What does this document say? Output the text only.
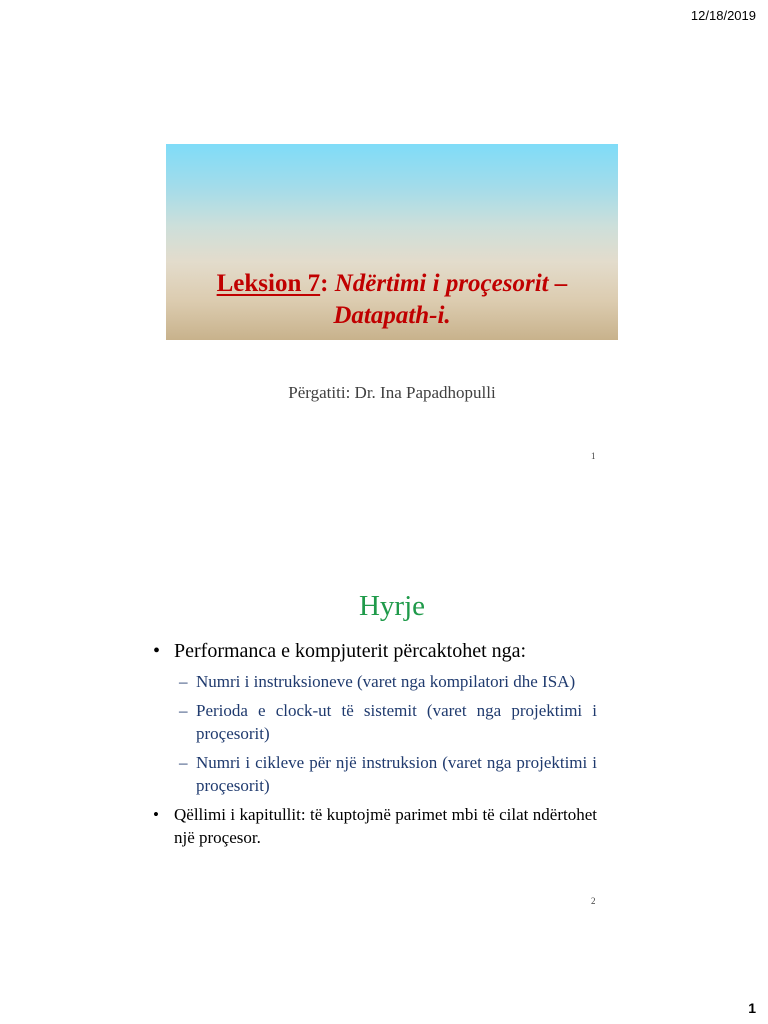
12/18/2019
Leksion 7: Ndërtimi i proçesorit –
Datapath-i.
Përgatiti: Dr. Ina Papadhopulli
1
Hyrje
• Performanca e kompjuterit përcaktohet nga:
– Numri i instruksioneve (varet nga kompilatori dhe ISA)
– Perioda e clock-ut të sistemit (varet nga projektimi i proçesorit)
– Numri i cikleve për një instruksion (varet nga projektimi i proçesorit)
• Qëllimi i kapitullit: të kuptojmë parimet mbi të cilat ndërtohet një proçesor.
2
1
